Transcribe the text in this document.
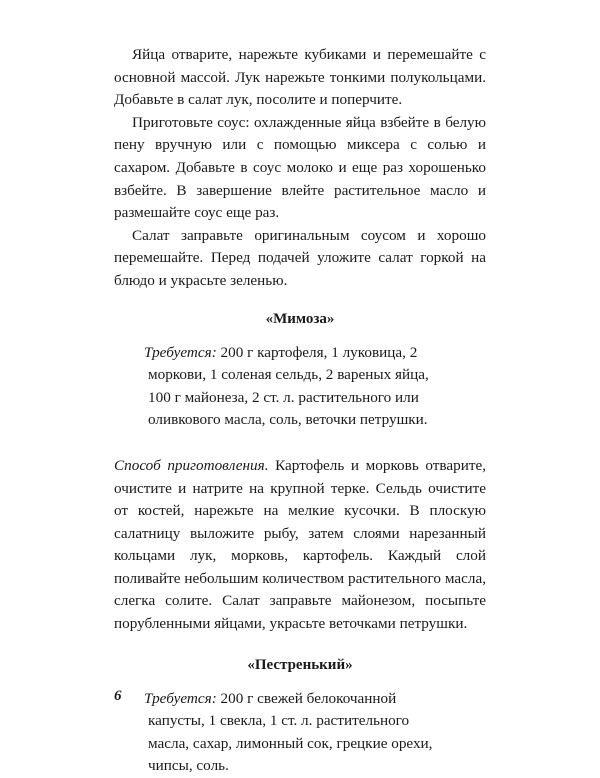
Яйца отварите, нарежьте кубиками и перемешайте с основной массой. Лук нарежьте тонкими полукольцами. Добавьте в салат лук, посолите и поперчите.

Приготовьте соус: охлажденные яйца взбейте в белую пену вручную или с помощью миксера с солью и сахаром. Добавьте в соус молоко и еще раз хорошенько взбейте. В завершение влейте растительное масло и размешайте соус еще раз.

Салат заправьте оригинальным соусом и хорошо перемешайте. Перед подачей уложите салат горкой на блюдо и украсьте зеленью.

«Мимоза»

Требуется: 200 г картофеля, 1 луковица, 2 моркови, 1 соленая сельдь, 2 вареных яйца, 100 г майонеза, 2 ст. л. растительного или оливкового масла, соль, веточки петрушки.

Способ приготовления. Картофель и морковь отварите, очистите и натрите на крупной терке. Сельдь очистите от костей, нарежьте на мелкие кусочки. В плоскую салатницу выложите рыбу, затем слоями нарезанный кольцами лук, морковь, картофель. Каждый слой поливайте небольшим количеством растительного масла, слегка солите. Салат заправьте майонезом, посыпьте порубленными яйцами, украсьте веточками петрушки.

«Пестренький»

Требуется: 200 г свежей белокочанной капусты, 1 свекла, 1 ст. л. растительного масла, сахар, лимонный сок, грецкие орехи, чипсы, соль.

6
